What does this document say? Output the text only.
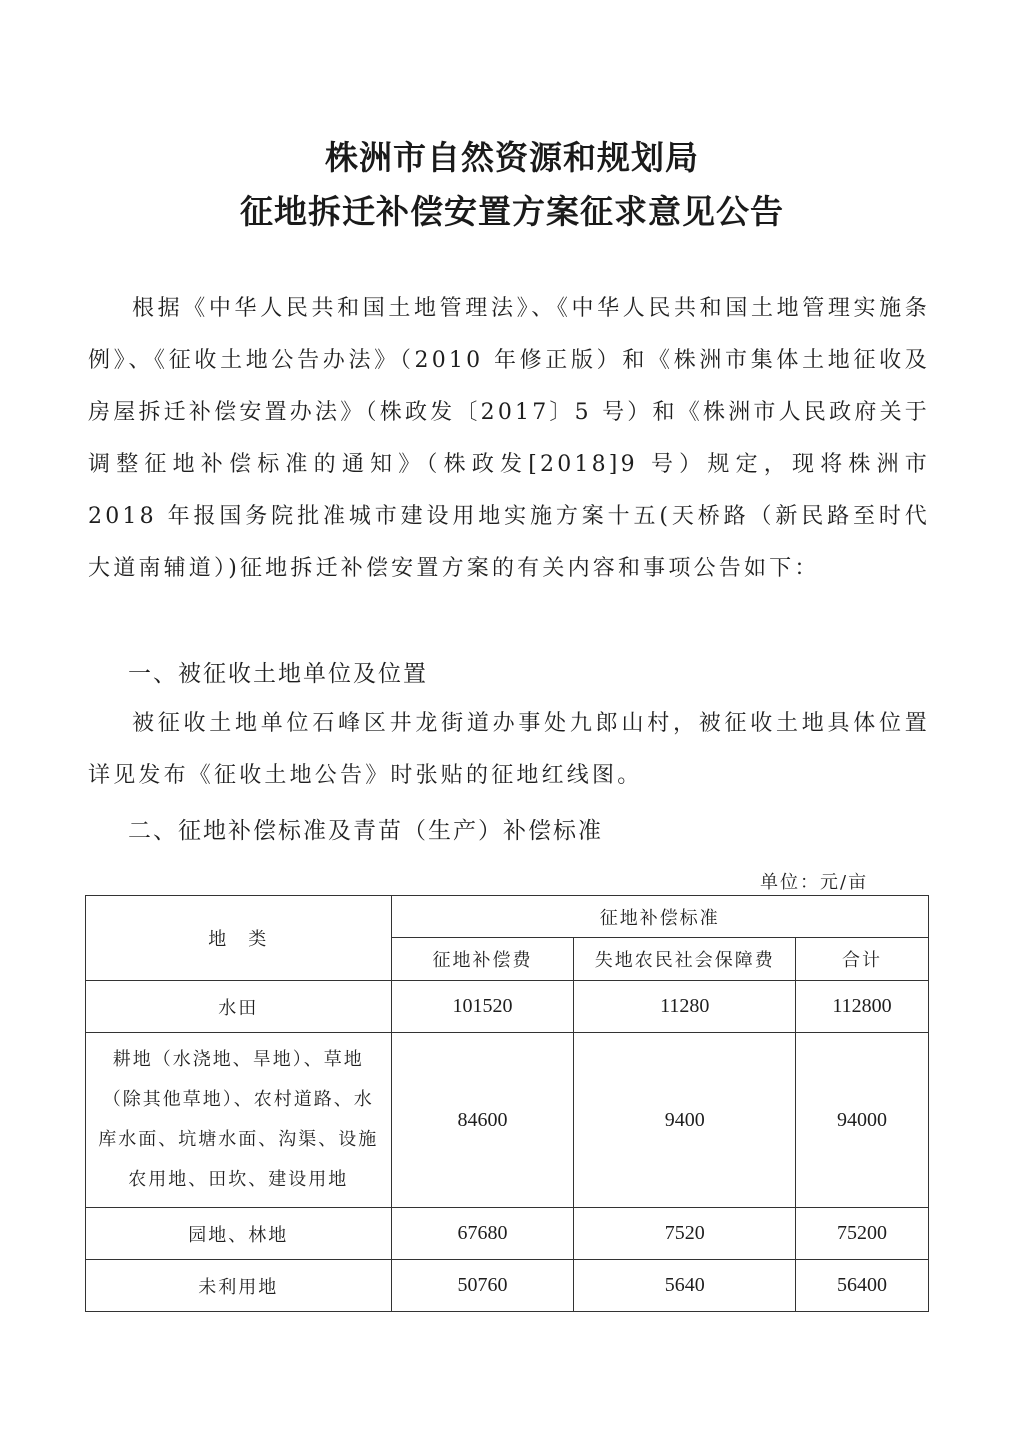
株洲市自然资源和规划局
征地拆迁补偿安置方案征求意见公告
根据《中华人民共和国土地管理法》、《中华人民共和国土地管理实施条例》、《征收土地公告办法》（2010 年修正版）和《株洲市集体土地征收及房屋拆迁补偿安置办法》（株政发〔2017〕5 号）和《株洲市人民政府关于调整征地补偿标准的通知》（株政发[2018]9 号）规定，现将株洲市 2018 年报国务院批准城市建设用地实施方案十五(天桥路（新民路至时代大道南辅道）)征地拆迁补偿安置方案的有关内容和事项公告如下：
一、被征收土地单位及位置
被征收土地单位石峰区井龙街道办事处九郎山村，被征收土地具体位置详见发布《征收土地公告》时张贴的征地红线图。
二、征地补偿标准及青苗（生产）补偿标准
单位：元/亩
地　类	征地补偿标准		
	征地补偿费	失地农民社会保障费	合计
水田	101520	11280	112800
耕地（水浇地、旱地）、草地（除其他草地）、农村道路、水库水面、坑塘水面、沟渠、设施农用地、田坎、建设用地	84600	9400	94000
园地、林地	67680	7520	75200
未利用地	50760	5640	56400
